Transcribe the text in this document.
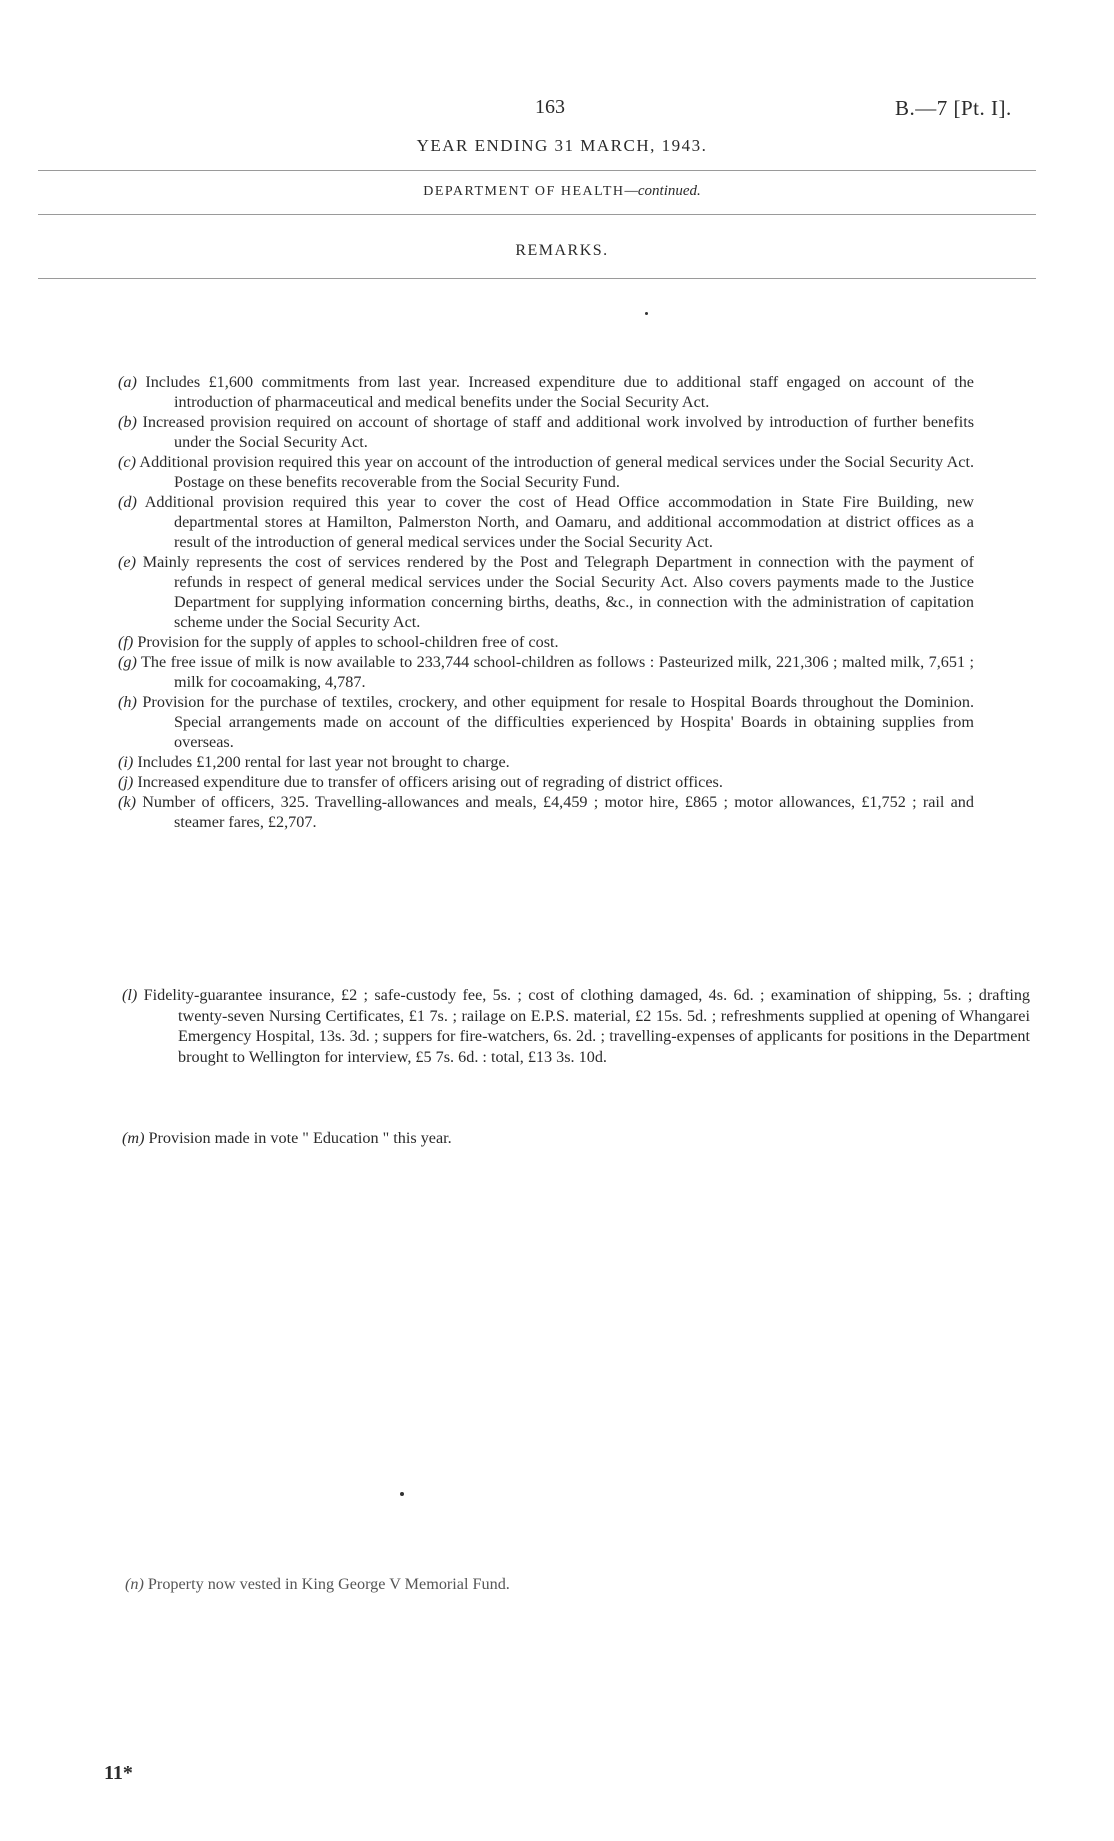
163	B.—7 [Pt. I].
YEAR ENDING 31 MARCH, 1943.
DEPARTMENT OF HEALTH—continued.
REMARKS.
(a) Includes £1,600 commitments from last year. Increased expenditure due to additional staff engaged on account of the introduction of pharmaceutical and medical benefits under the Social Security Act.
(b) Increased provision required on account of shortage of staff and additional work involved by introduction of further benefits under the Social Security Act.
(c) Additional provision required this year on account of the introduction of general medical services under the Social Security Act. Postage on these benefits recoverable from the Social Security Fund.
(d) Additional provision required this year to cover the cost of Head Office accommodation in State Fire Building, new departmental stores at Hamilton, Palmerston North, and Oamaru, and additional accommodation at district offices as a result of the introduction of general medical services under the Social Security Act.
(e) Mainly represents the cost of services rendered by the Post and Telegraph Department in connection with the payment of refunds in respect of general medical services under the Social Security Act. Also covers payments made to the Justice Department for supplying information concerning births, deaths, &c., in connection with the administration of capitation scheme under the Social Security Act.
(f) Provision for the supply of apples to school-children free of cost.
(g) The free issue of milk is now available to 233,744 school-children as follows : Pasteurized milk, 221,306 ; malted milk, 7,651 ; milk for cocoamaking, 4,787.
(h) Provision for the purchase of textiles, crockery, and other equipment for resale to Hospital Boards throughout the Dominion. Special arrangements made on account of the difficulties experienced by Hospita' Boards in obtaining supplies from overseas.
(i) Includes £1,200 rental for last year not brought to charge.
(j) Increased expenditure due to transfer of officers arising out of regrading of district offices.
(k) Number of officers, 325. Travelling-allowances and meals, £4,459 ; motor hire, £865 ; motor allowances, £1,752 ; rail and steamer fares, £2,707.
(l) Fidelity-guarantee insurance, £2 ; safe-custody fee, 5s. ; cost of clothing damaged, 4s. 6d. ; examination of shipping, 5s. ; drafting twenty-seven Nursing Certificates, £1 7s. ; railage on E.P.S. material, £2 15s. 5d. ; refreshments supplied at opening of Whangarei Emergency Hospital, 13s. 3d. ; suppers for fire-watchers, 6s. 2d. ; travelling-expenses of applicants for positions in the Department brought to Wellington for interview, £5 7s. 6d. : total, £13 3s. 10d.
(m) Provision made in vote " Education " this year.
(n) Property now vested in King George V Memorial Fund.
11*
